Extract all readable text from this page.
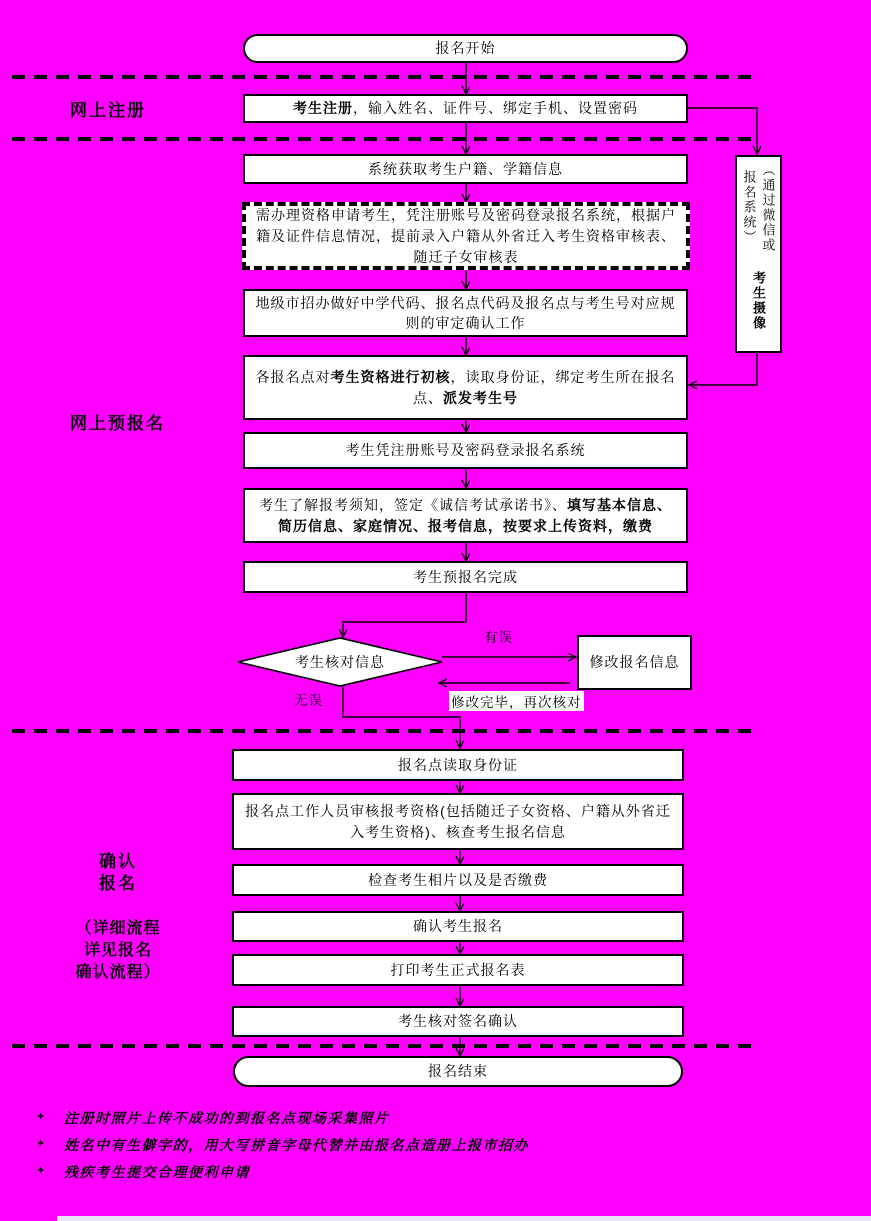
报名开始
报名结束
网上注册
网上预报名
确认
报名
（详细流程
详见报名
确认流程）
考生注册，输入姓名、证件号、绑定手机、设置密码
系统获取考生户籍、学籍信息
需办理资格申请考生，凭注册账号及密码登录报名系统，根据户籍及证件信息情况，提前录入户籍从外省迁入考生资格审核表、随迁子女审核表
地级市招办做好中学代码、报名点代码及报名点与考生号对应规则的审定确认工作
各报名点对考生资格进行初核，读取身份证，绑定考生所在报名点、派发考生号
考生凭注册账号及密码登录报名系统
考生了解报考须知，签定《诚信考试承诺书》、填写基本信息、简历信息、家庭情况、报考信息，按要求上传资料，缴费
考生预报名完成
考生核对信息
有误
无误	修改完毕，再次核对
修改报名信息
（通过微信或报名系统）
考生摄像
报名点读取身份证
报名点工作人员审核报考资格(包括随迁子女资格、户籍从外省迁入考生资格)、核查考生报名信息
检查考生相片以及是否缴费
确认考生报名
打印考生正式报名表
考生核对签名确认
✦	注册时照片上传不成功的到报名点现场采集照片
✦	姓名中有生僻字的，用大写拼音字母代替并由报名点造册上报市招办
✦	残疾考生提交合理便利申请
